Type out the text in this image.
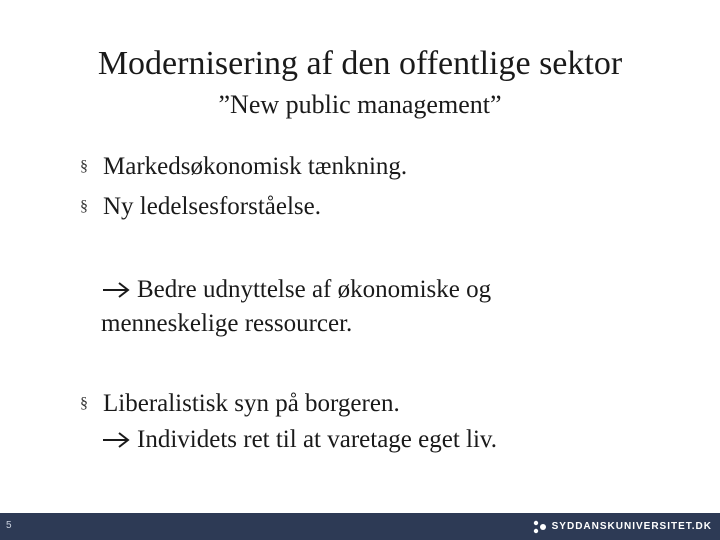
Modernisering af den offentlige sektor
”New public management”
§ Markedsøkonomisk tænkning.
§ Ny ledelsesforståelse.
Bedre udnyttelse af økonomiske og
menneskelige ressourcer.
§ Liberalistisk syn på borgeren.
Individets ret til at varetage eget liv.
5	SYDDANSKUNIVERSITET.DK
